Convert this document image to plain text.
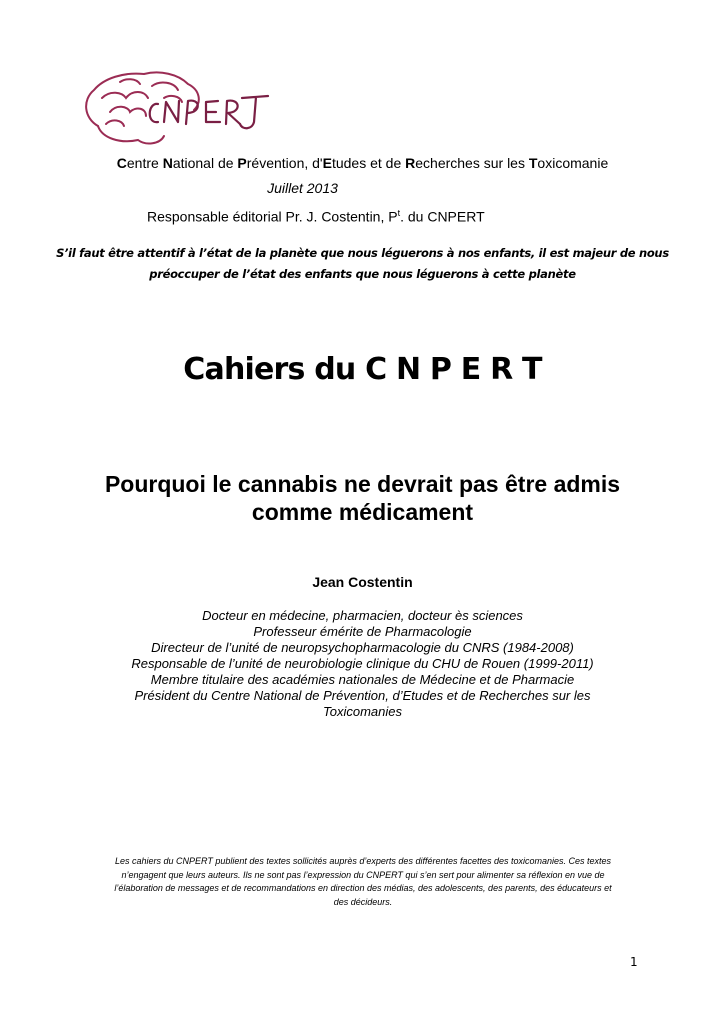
Centre National de Prévention, d'Etudes et de Recherches sur les Toxicomanie
Juillet 2013
Responsable éditorial Pr. J. Costentin, $P^t$. du CNPERT
S’il faut être attentif à l’état de la planète que nous léguerons à nos enfants, il est majeur de nous
préoccuper de l’état des enfants que nous léguerons à cette planète
Cahiers du C N P E R T
Pourquoi le cannabis ne devrait pas être admis
comme médicament
Jean Costentin
Docteur en médecine, pharmacien, docteur ès sciences
Professeur émérite de Pharmacologie
Directeur de l’unité de neuropsychopharmacologie du CNRS (1984-2008)
Responsable de l’unité de neurobiologie clinique du CHU de Rouen (1999-2011)
Membre titulaire des académies nationales de Médecine et de Pharmacie
Président du Centre National de Prévention, d’Etudes et de Recherches sur les
Toxicomanies
Les cahiers du CNPERT publient des textes sollicités auprès d’experts des différentes facettes des toxicomanies. Ces textes
n’engagent que leurs auteurs. Ils ne sont pas l’expression du CNPERT qui s’en sert pour alimenter sa réflexion en vue de
l’élaboration de messages et de recommandations en direction des médias, des adolescents, des parents, des éducateurs et
des décideurs.
1
